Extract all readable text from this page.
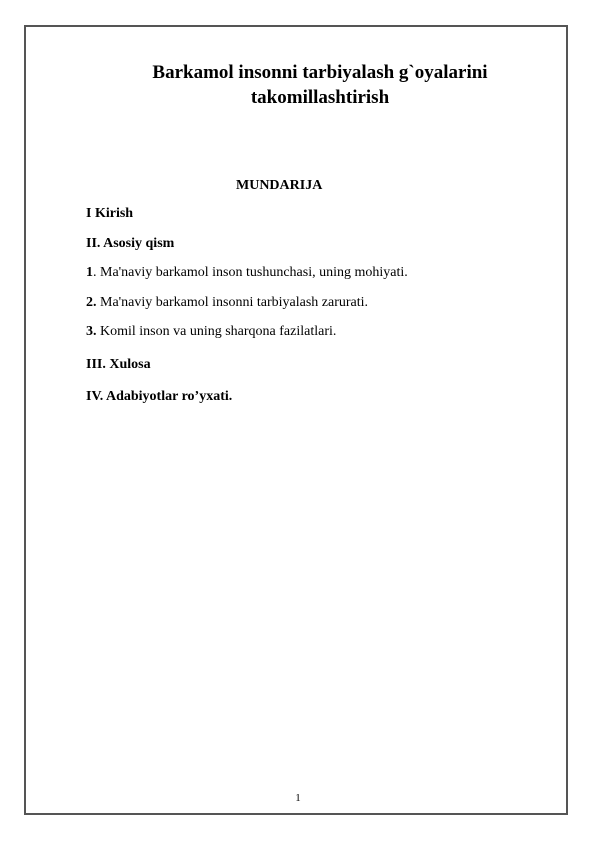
Barkamol insonni tarbiyalash g`oyalarini
takomillashtirish
MUNDARIJA
I Kirish
II. Asosiy qism
1. Ma'naviy barkamol inson tushunchasi, uning mohiyati.
2. Ma'naviy barkamol insonni tarbiyalash zarurati.
3. Komil inson va uning sharqona fazilatlari.
III. Xulosa
IV. Adabiyotlar ro’yxati.
1
